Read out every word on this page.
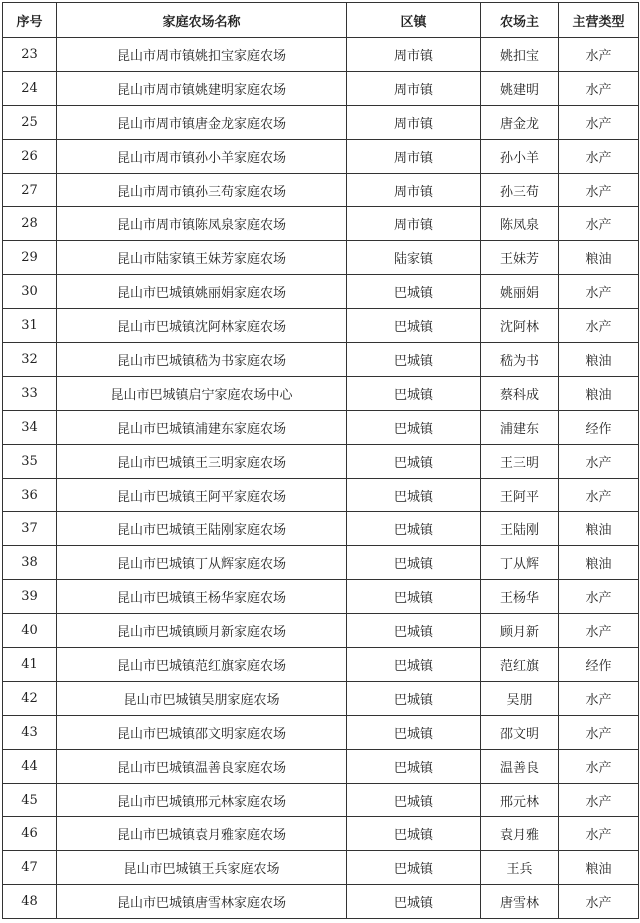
序号	家庭农场名称	区镇	农场主	主营类型
23	昆山市周市镇姚扣宝家庭农场	周市镇	姚扣宝	水产
24	昆山市周市镇姚建明家庭农场	周市镇	姚建明	水产
25	昆山市周市镇唐金龙家庭农场	周市镇	唐金龙	水产
26	昆山市周市镇孙小羊家庭农场	周市镇	孙小羊	水产
27	昆山市周市镇孙三苟家庭农场	周市镇	孙三苟	水产
28	昆山市周市镇陈凤泉家庭农场	周市镇	陈凤泉	水产
29	昆山市陆家镇王妹芳家庭农场	陆家镇	王妹芳	粮油
30	昆山市巴城镇姚丽娟家庭农场	巴城镇	姚丽娟	水产
31	昆山市巴城镇沈阿林家庭农场	巴城镇	沈阿林	水产
32	昆山市巴城镇嵇为书家庭农场	巴城镇	嵇为书	粮油
33	昆山市巴城镇启宁家庭农场中心	巴城镇	蔡科成	粮油
34	昆山市巴城镇浦建东家庭农场	巴城镇	浦建东	经作
35	昆山市巴城镇王三明家庭农场	巴城镇	王三明	水产
36	昆山市巴城镇王阿平家庭农场	巴城镇	王阿平	水产
37	昆山市巴城镇王陆刚家庭农场	巴城镇	王陆刚	粮油
38	昆山市巴城镇丁从辉家庭农场	巴城镇	丁从辉	粮油
39	昆山市巴城镇王杨华家庭农场	巴城镇	王杨华	水产
40	昆山市巴城镇顾月新家庭农场	巴城镇	顾月新	水产
41	昆山市巴城镇范红旗家庭农场	巴城镇	范红旗	经作
42	昆山市巴城镇吴朋家庭农场	巴城镇	吴朋	水产
43	昆山市巴城镇邵文明家庭农场	巴城镇	邵文明	水产
44	昆山市巴城镇温善良家庭农场	巴城镇	温善良	水产
45	昆山市巴城镇邢元林家庭农场	巴城镇	邢元林	水产
46	昆山市巴城镇袁月雅家庭农场	巴城镇	袁月雅	水产
47	昆山市巴城镇王兵家庭农场	巴城镇	王兵	粮油
48	昆山市巴城镇唐雪林家庭农场	巴城镇	唐雪林	水产
